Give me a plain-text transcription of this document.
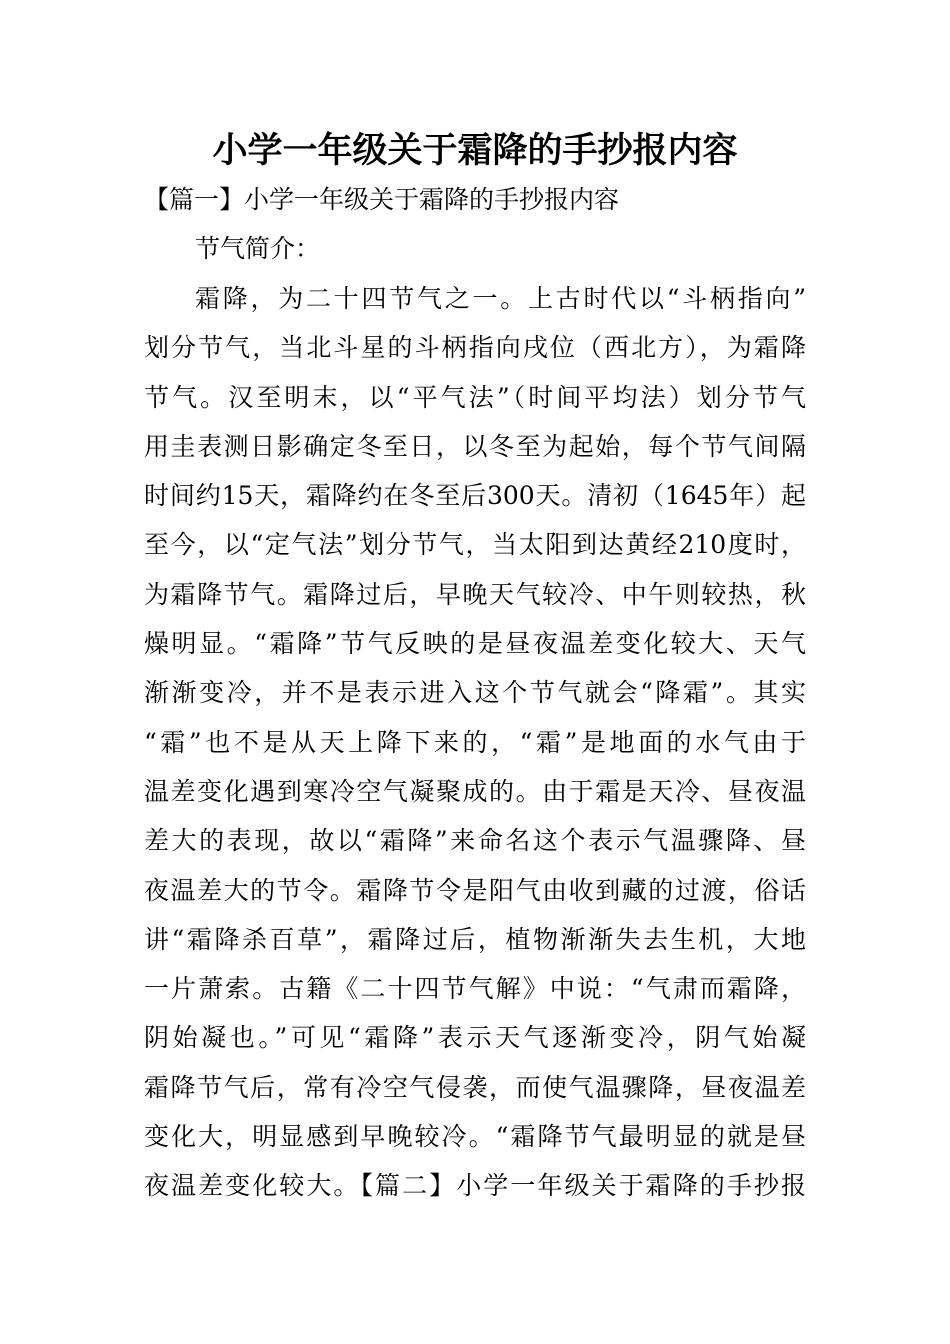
小学一年级关于霜降的手抄报内容

【篇一】小学一年级关于霜降的手抄报内容

节气简介：

霜降，为二十四节气之一。上古时代以“斗柄指向”
划分节气，当北斗星的斗柄指向戌位（西北方），为霜降
节气。汉至明末，以“平气法”（时间平均法）划分节气
用圭表测日影确定冬至日，以冬至为起始，每个节气间隔
时间约15天，霜降约在冬至后300天。清初（1645年）起
至今，以“定气法”划分节气，当太阳到达黄经210度时，
为霜降节气。霜降过后，早晚天气较冷、中午则较热，秋
燥明显。“霜降”节气反映的是昼夜温差变化较大、天气
渐渐变冷，并不是表示进入这个节气就会“降霜”。其实
“霜”也不是从天上降下来的，“霜”是地面的水气由于
温差变化遇到寒冷空气凝聚成的。由于霜是天冷、昼夜温
差大的表现，故以“霜降”来命名这个表示气温骤降、昼
夜温差大的节令。霜降节令是阳气由收到藏的过渡，俗话
讲“霜降杀百草”，霜降过后，植物渐渐失去生机，大地
一片萧索。古籍《二十四节气解》中说：“气肃而霜降，
阴始凝也。”可见“霜降”表示天气逐渐变冷，阴气始凝
霜降节气后，常有冷空气侵袭，而使气温骤降，昼夜温差
变化大，明显感到早晚较冷。“霜降节气最明显的就是昼
夜温差变化较大。【篇二】小学一年级关于霜降的手抄报
